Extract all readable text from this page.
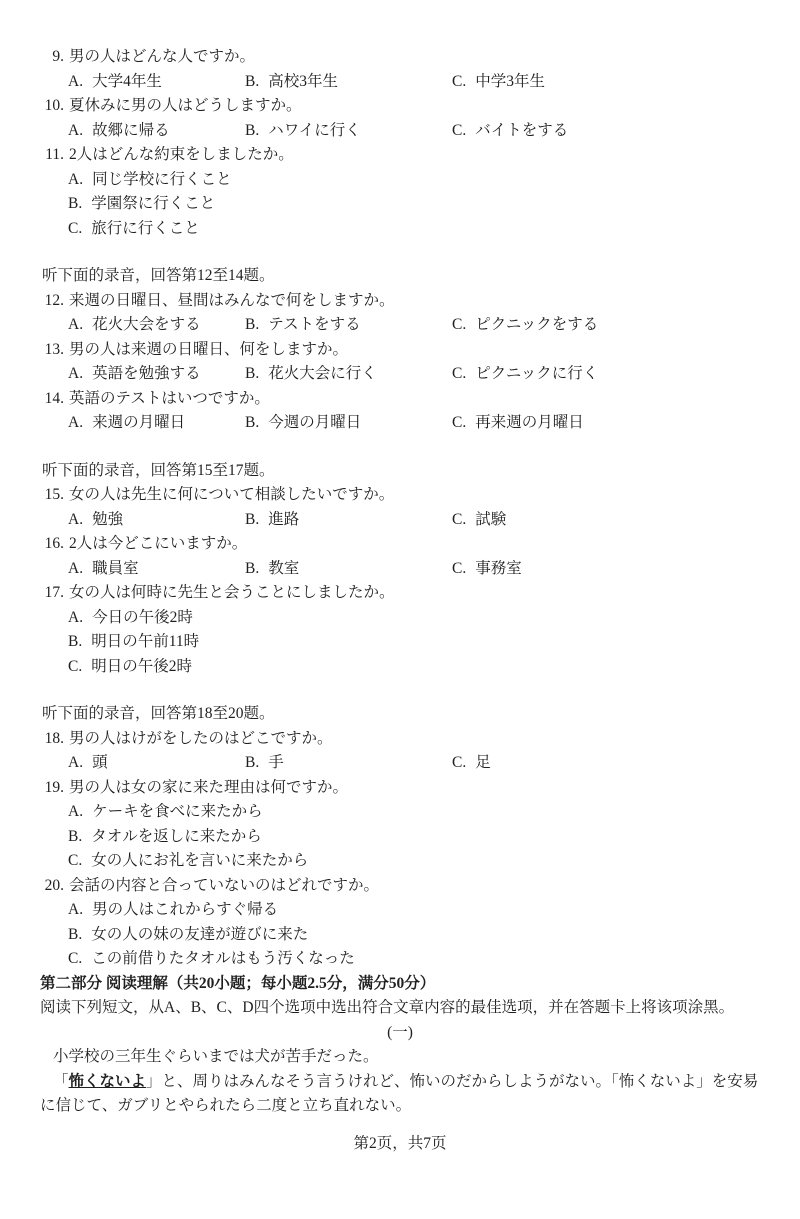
9. 男の人はどんな人ですか。
A. 大学4年生	B. 高校3年生	C. 中学3年生
10. 夏休みに男の人はどうしますか。
A. 故郷に帰る	B. ハワイに行く	C. バイトをする
11. 2人はどんな約束をしましたか。
A. 同じ学校に行くこと
B. 学園祭に行くこと
C. 旅行に行くこと
听下面的录音，回答第12至14题。
12. 来週の日曜日、昼間はみんなで何をしますか。
A. 花火大会をする	B. テストをする	C. ピクニックをする
13. 男の人は来週の日曜日、何をしますか。
A. 英語を勉強する	B. 花火大会に行く	C. ピクニックに行く
14. 英語のテストはいつですか。
A. 来週の月曜日	B. 今週の月曜日	C. 再来週の月曜日
听下面的录音，回答第15至17题。
15. 女の人は先生に何について相談したいですか。
A. 勉強	B. 進路	C. 試験
16. 2人は今どこにいますか。
A. 職員室	B. 教室	C. 事務室
17. 女の人は何時に先生と会うことにしましたか。
A. 今日の午後2時
B. 明日の午前11時
C. 明日の午後2時
听下面的录音，回答第18至20题。
18. 男の人はけがをしたのはどこですか。
A. 頭	B. 手	C. 足
19. 男の人は女の家に来た理由は何ですか。
A. ケーキを食べに来たから
B. タオルを返しに来たから
C. 女の人にお礼を言いに来たから
20. 会話の内容と合っていないのはどれですか。
A. 男の人はこれからすぐ帰る
B. 女の人の妹の友達が遊びに来た
C. この前借りたタオルはもう汚くなった
第二部分 阅读理解（共20小题；每小题2.5分，满分50分）
阅读下列短文，从A、B、C、D四个选项中选出符合文章内容的最佳选项，并在答题卡上将该项涂黑。
(一)
小学校の三年生ぐらいまでは犬が苦手だった。
「怖くないよ」と、周りはみんなそう言うけれど、怖いのだからしようがない。「怖くないよ」を安易に信じて、ガブリとやられたら二度と立ち直れない。
第2页，共7页
